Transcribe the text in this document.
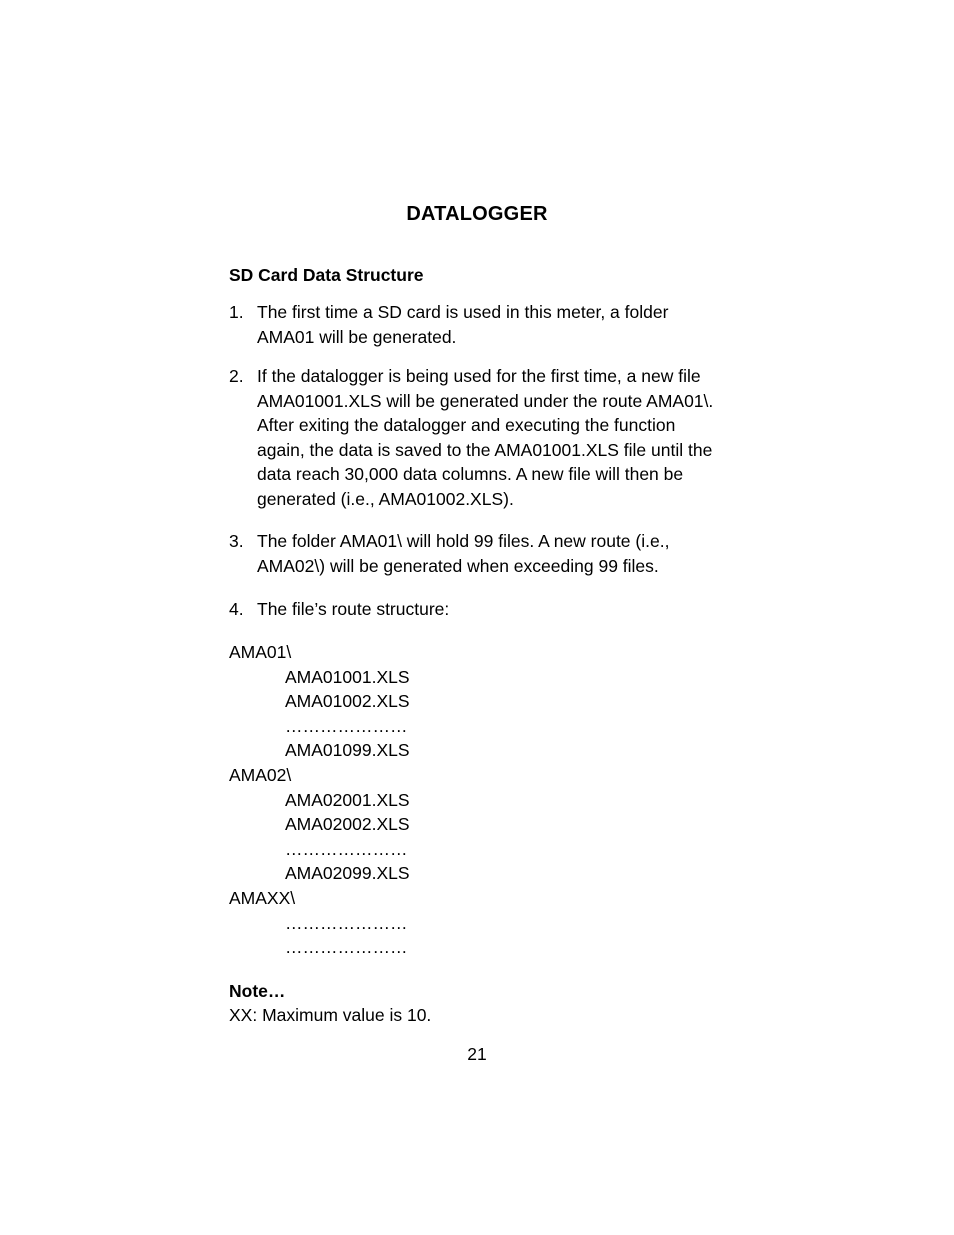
DATALOGGER
SD Card Data Structure
1. The first time a SD card is used in this meter, a folder AMA01 will be generated.
2. If the datalogger is being used for the first time, a new file AMA01001.XLS will be generated under the route AMA01\. After exiting the datalogger and executing the function again, the data is saved to the AMA01001.XLS file until the data reach 30,000 data columns. A new file will then be generated (i.e., AMA01002.XLS).
3. The folder AMA01\ will hold 99 files. A new route (i.e., AMA02\) will be generated when exceeding 99 files.
4. The file’s route structure:
AMA01\
AMA01001.XLS
AMA01002.XLS
…………………
AMA01099.XLS
AMA02\
AMA02001.XLS
AMA02002.XLS
…………………
AMA02099.XLS
AMAXX\
…………………
…………………
Note…
XX: Maximum value is 10.
21
